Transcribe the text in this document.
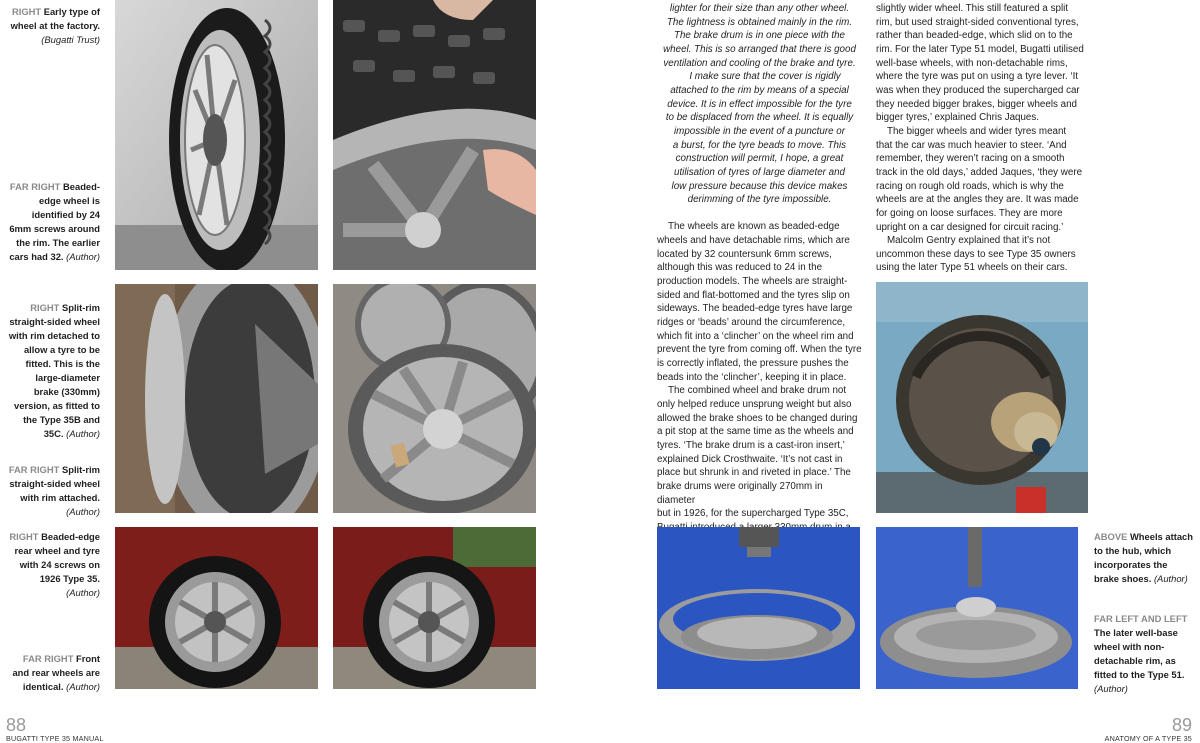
RIGHT Early type of wheel at the factory. (Bugatti Trust)
FAR RIGHT Beaded-edge wheel is identified by 24 6mm screws around the rim. The earlier cars had 32. (Author)
RIGHT Split-rim straight-sided wheel with rim detached to allow a tyre to be fitted. This is the large-diameter brake (330mm) version, as fitted to the Type 35B and 35C. (Author)
FAR RIGHT Split-rim straight-sided wheel with rim attached. (Author)
RIGHT Beaded-edge rear wheel and tyre with 24 screws on 1926 Type 35. (Author)
FAR RIGHT Front and rear wheels are identical. (Author)
88
BUGATTI TYPE 35 MANUAL

lighter for their size than any other wheel.

The lightness is obtained mainly in the rim.

The brake drum is in one piece with the

wheel. This is so arranged that there is good

ventilation and cooling of the brake and tyre.

I make sure that the cover is rigidly

attached to the rim by means of a special

device. It is in effect impossible for the tyre

to be displaced from the wheel. It is equally

impossible in the event of a puncture or

a burst, for the tyre beads to move. This

construction will permit, I hope, a great

utilisation of tyres of large diameter and

low pressure because this device makes

derimming of the tyre impossible.

The wheels are known as beaded-edge

wheels and have detachable rims, which are

located by 32 countersunk 6mm screws,

although this was reduced to 24 in the

production models. The wheels are straight-

sided and flat-bottomed and the tyres slip on

sideways. The beaded-edge tyres have large

ridges or ‘beads’ around the circumference,

which fit into a ‘clincher’ on the wheel rim and

prevent the tyre from coming off. When the tyre

is correctly inflated, the pressure pushes the

beads into the ‘clincher’, keeping it in place.

The combined wheel and brake drum not

only helped reduce unsprung weight but also

allowed the brake shoes to be changed during

a pit stop at the same time as the wheels and

tyres. ‘The brake drum is a cast-iron insert,’

explained Dick Crosthwaite. ‘It’s not cast in

place but shrunk in and riveted in place.’ The

brake drums were originally 270mm in diameter

but in 1926, for the supercharged Type 35C,

slightly wider wheel. This still featured a split

rim, but used straight-sided conventional tyres,

rather than beaded-edge, which slid on to the

rim. For the later Type 51 model, Bugatti utilised

well-base wheels, with non-detachable rims,

where the tyre was put on using a tyre lever. ‘It

was when they produced the supercharged car

they needed bigger brakes, bigger wheels and

bigger tyres,’ explained Chris Jaques.

The bigger wheels and wider tyres meant

that the car was much heavier to steer. ‘And

remember, they weren’t racing on a smooth

track in the old days,’ added Jaques, ‘they were

racing on rough old roads, which is why the

wheels are at the angles they are. It was made

for going on loose surfaces. They are more

upright on a car designed for circuit racing.’

Malcolm Gentry explained that it’s not

uncommon these days to see Type 35 owners

using the later Type 51 wheels on their cars.

ABOVE Wheels attach to the hub, which incorporates the brake shoes. (Author)
FAR LEFT AND LEFT The later well-base wheel with non-detachable rim, as fitted to the Type 51. (Author)
89
ANATOMY OF A TYPE 35
